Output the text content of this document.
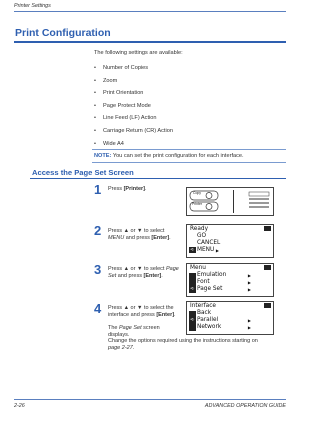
Printer Settings
Print Configuration
The following settings are available:
• Number of Copies
• Zoom
• Print Orientation
• Page Protect Mode
• Line Feed (LF) Action
• Carriage Return (CR) Action
• Wide A4
NOTE: You can set the print configuration for each interface.
Access the Page Set Screen
1 Press [Printer].
Copy
Printer
2 Press ▲ or ▼ to select MENU and press [Enter].
Ready
GO
CANCEL
➪ MENU ▶
3 Press ▲ or ▼ to select Page Set and press [Enter].
Menu
Emulation	▶
Font	▶
➪ Page Set	▶
4 Press ▲ or ▼ to select the interface and press [Enter].
The Page Set screen displays.
Change the options required using the instructions starting on page 2-27.
Interface
Back
➪ Parallel	▶
Network	▶
2-26	ADVANCED OPERATION GUIDE
